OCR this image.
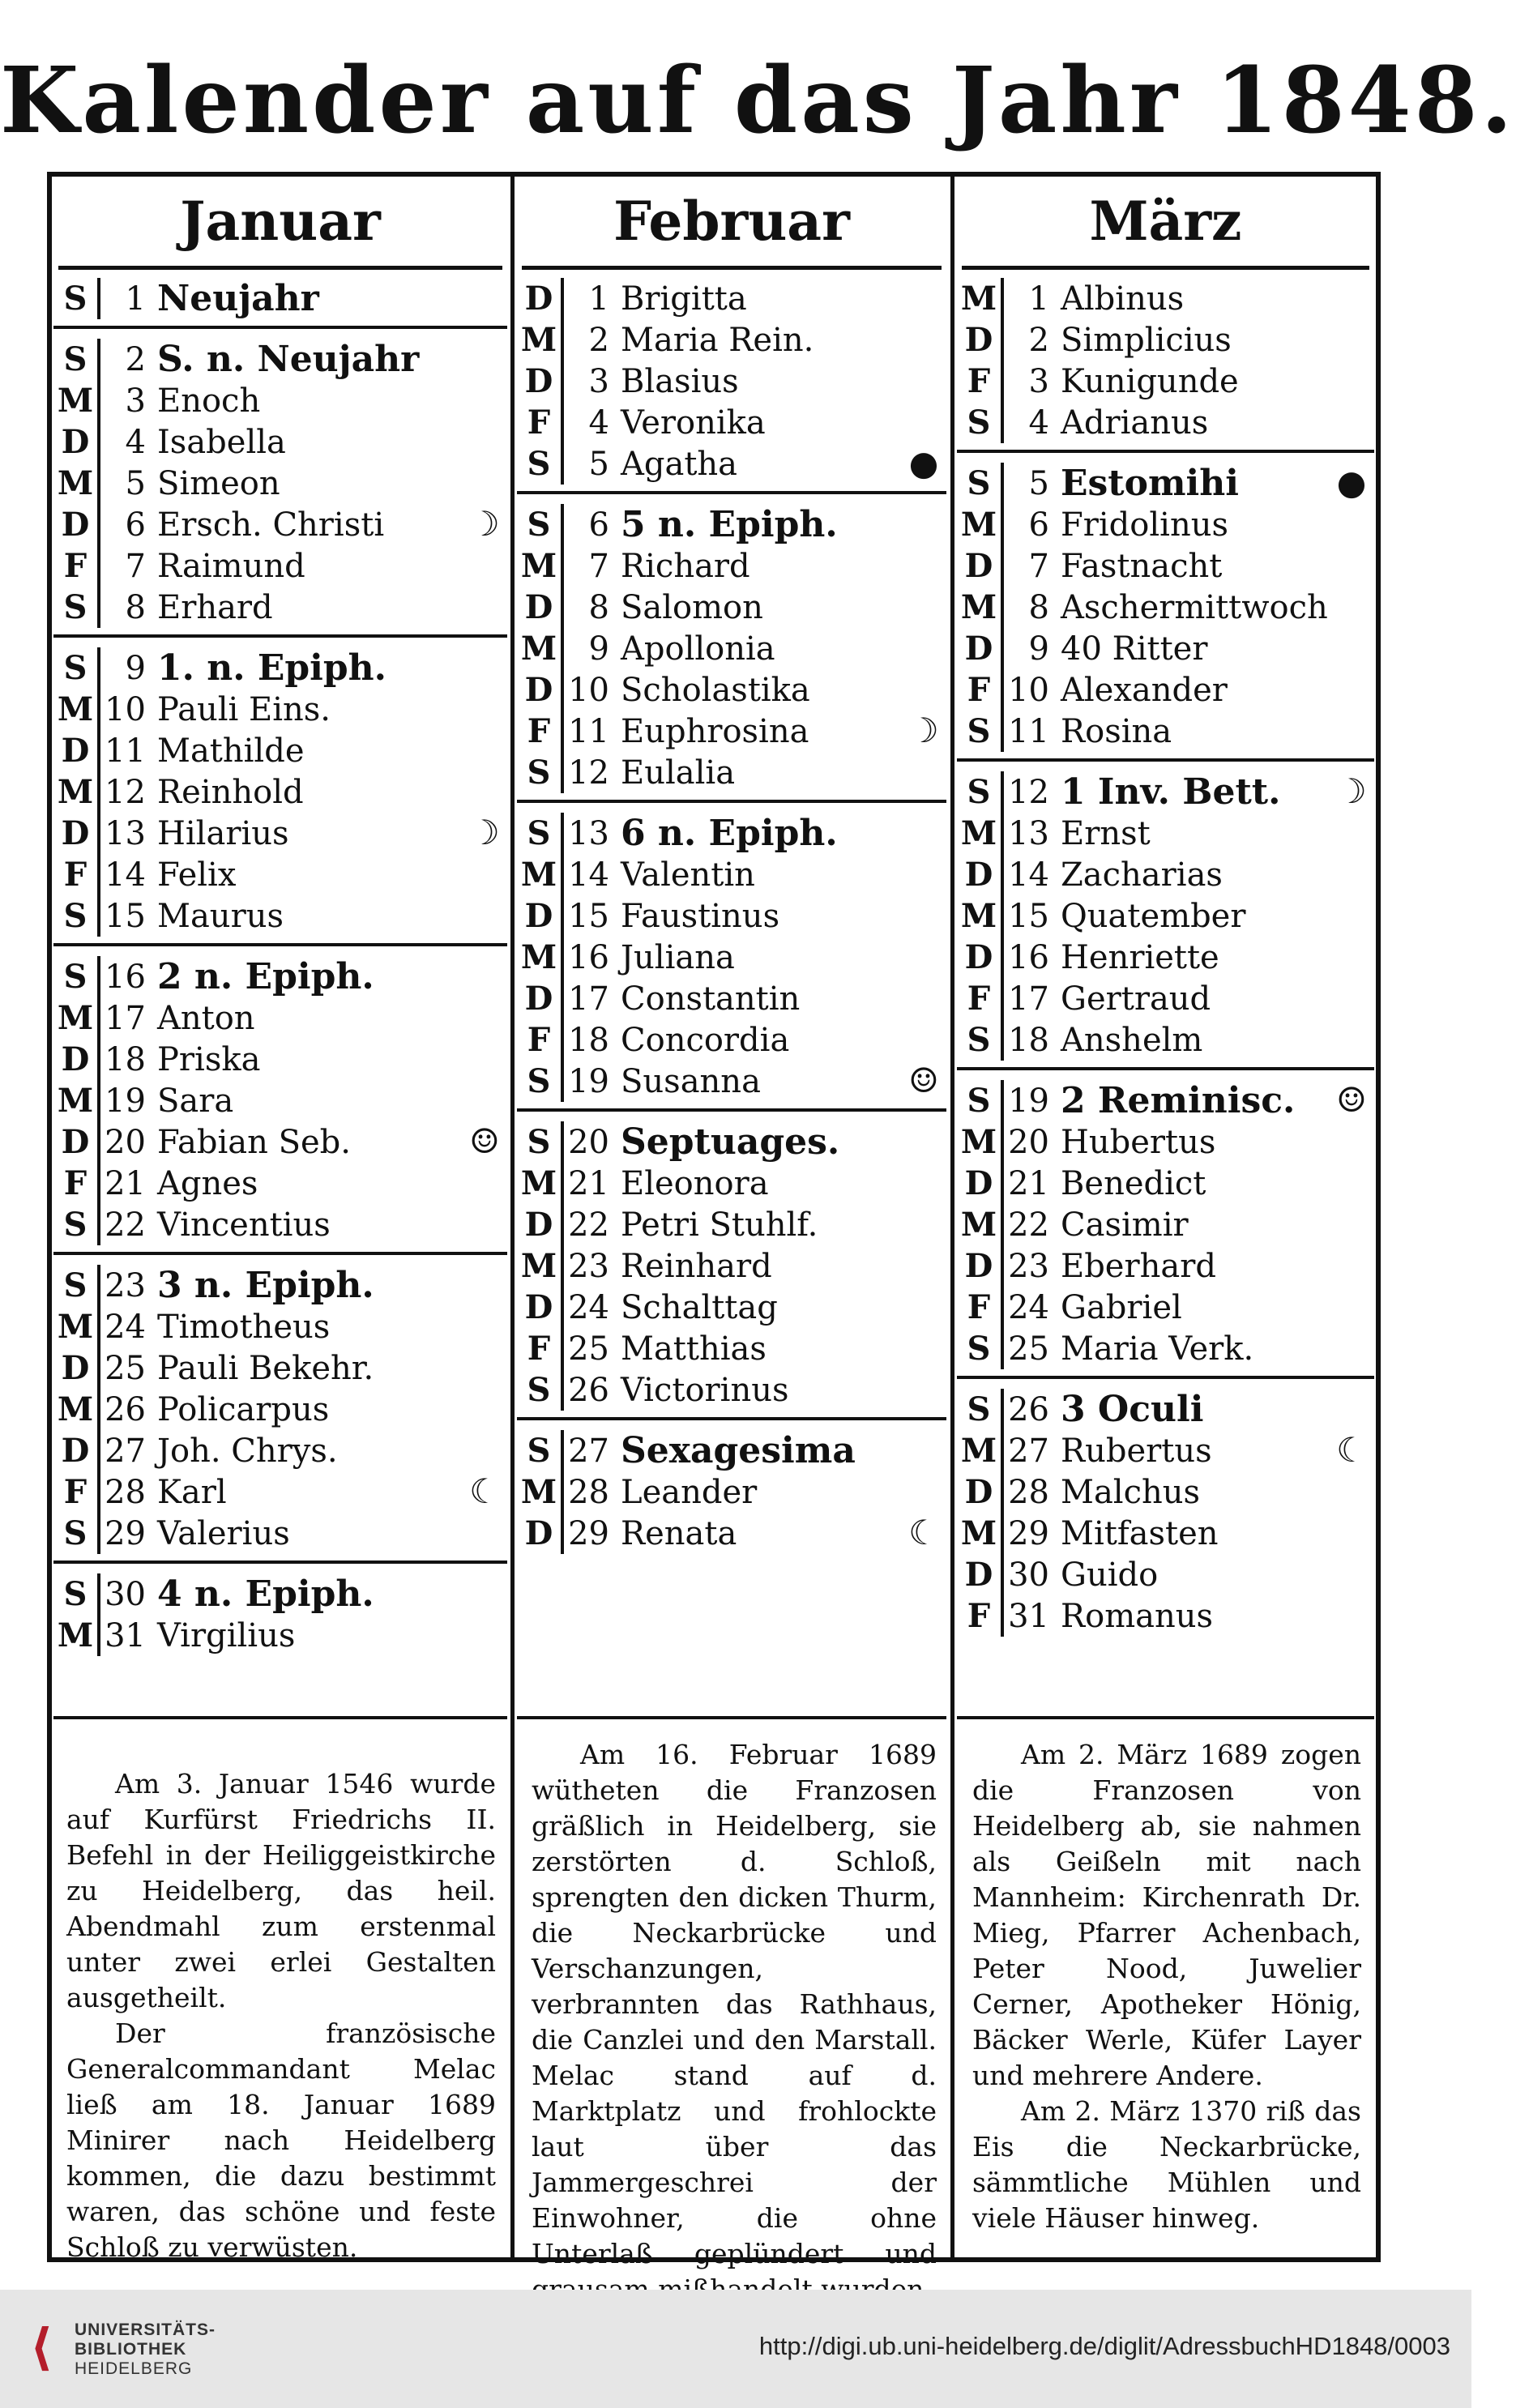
Kalender auf das Jahr 1848.
Januar
S	1 Neujahr
S	2 S. n. Neujahr
M 3 Enoch
D	4 Isabella
M 5 Simeon
D	6 Ersch. Christi	☽
F	7 Raimund
S	8 Erhard
S	9 1. n. Epiph.
M 10 Pauli Eins.
D 11 Mathilde
M 12 Reinhold
D 13 Hilarius	☽
F 14 Felix
S 15 Maurus
S 16 2 n. Epiph.
M 17 Anton
D 18 Priska
M 19 Sara
D 20 Fabian Seb.	☺
F 21 Agnes
S 22 Vincentius
S 23 3 n. Epiph.
M 24 Timotheus
D 25 Pauli Bekehr.
M 26 Policarpus
D 27 Joh. Chrys.
F 28 Karl	☾
S 29 Valerius
S 30 4 n. Epiph.
M 31 Virgilius
Februar
D	1 Brigitta
M 2 Maria Rein.
D	3 Blasius
F	4 Veronika
S	5 Agatha	●
S	6 5 n. Epiph.
M 7 Richard
D	8 Salomon
M 9 Apollonia
D 10 Scholastika
F 11 Euphrosina	☽
S 12 Eulalia
S 13 6 n. Epiph.
M 14 Valentin
D 15 Faustinus
M 16 Juliana
D 17 Constantin
F 18 Concordia
S 19 Susanna	☺
S 20 Septuages.
M 21 Eleonora
D 22 Petri Stuhlf.
M 23 Reinhard
D 24 Schalttag
F 25 Matthias
S 26 Victorinus
S 27 Sexagesima
M 28 Leander
D 29 Renata	☾
März
M 1 Albinus
D	2 Simplicius
F	3 Kunigunde
S	4 Adrianus
S	5 Estomihi	●
M 6 Fridolinus
D	7 Fastnacht
M 8 Aschermittwoch
D	9 40 Ritter
F 10 Alexander
S 11 Rosina
S 12 1 Inv. Bett.	☽
M 13 Ernst
D 14 Zacharias
M 15 Quatember
D 16 Henriette
F 17 Gertraud
S 18 Anshelm
S 19 2 Reminisc.	☺
M 20 Hubertus
D 21 Benedict
M 22 Casimir
D 23 Eberhard
F 24 Gabriel
S 25 Maria Verk.
S 26 3 Oculi
M 27 Rubertus	☾
D 28 Malchus
M 29 Mitfasten
D 30 Guido
F 31 Romanus

Am 3. Januar 1546 wurde auf Kurfürst Friedrichs II. Befehl in der Heiliggeistkirche zu Heidelberg, das heil. Abendmahl zum erstenmal unter zwei erlei Gestalten ausgetheilt.

Der französische Generalcommandant Melac ließ am 18. Januar 1689 Minirer nach Heidelberg kommen, die dazu bestimmt waren, das schöne und feste Schloß zu verwüsten.

Am 16. Februar 1689 wütheten die Franzosen gräßlich in Heidelberg, sie zerstörten d. Schloß, sprengten den dicken Thurm, die Neckarbrücke und Verschanzungen, verbrannten das Rathhaus, die Canzlei und den Marstall. Melac stand auf d. Marktplatz und frohlockte laut über das Jammergeschrei der Einwohner, die ohne Unterlaß geplündert und

Am 2. März 1689 zogen die Franzosen von Heidelberg ab, sie nahmen als Geißeln mit nach Mannheim: Kirchenrath Dr. Mieg, Pfarrer Achenbach, Peter Nood, Juwelier Cerner, Apotheker Hönig, Bäcker Werle, Küfer Layer und mehrere Andere.

Am 2. März 1370 riß das Eis die Neckarbrücke, sämmtliche Mühlen und viele Häuser hinweg.

⟨	UNIVERSITÄTS-
BIBLIOTHEK
HEIDELBERG
http://digi.ub.uni-heidelberg.de/diglit/AdressbuchHD1848/0003
